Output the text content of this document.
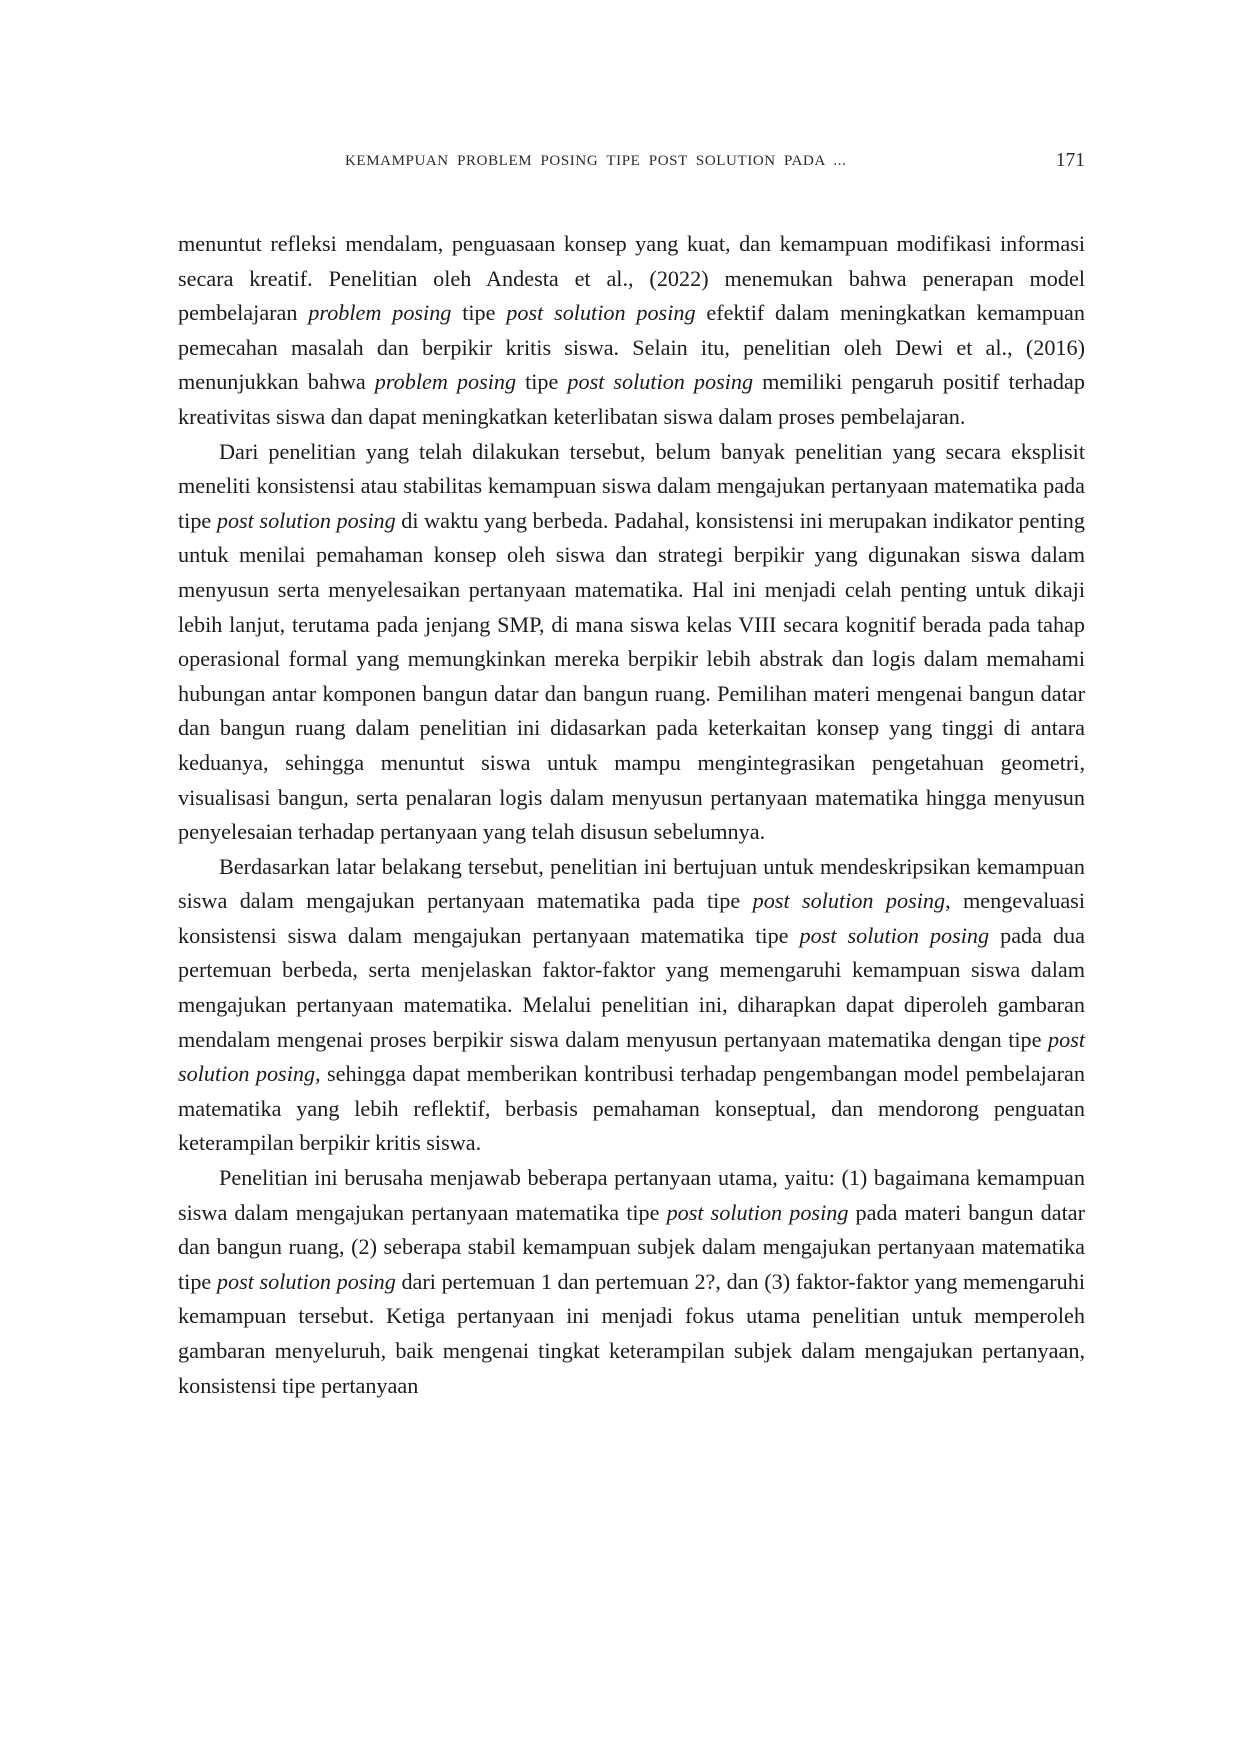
KEMAMPUAN PROBLEM POSING TIPE POST SOLUTION PADA ...	171

menuntut refleksi mendalam, penguasaan konsep yang kuat, dan kemampuan modifikasi informasi secara kreatif. Penelitian oleh Andesta et al., (2022) menemukan bahwa penerapan model pembelajaran problem posing tipe post solution posing efektif dalam meningkatkan kemampuan pemecahan masalah dan berpikir kritis siswa. Selain itu, penelitian oleh Dewi et al., (2016) menunjukkan bahwa problem posing tipe post solution posing memiliki pengaruh positif terhadap kreativitas siswa dan dapat meningkatkan keterlibatan siswa dalam proses pembelajaran.

Dari penelitian yang telah dilakukan tersebut, belum banyak penelitian yang secara eksplisit meneliti konsistensi atau stabilitas kemampuan siswa dalam mengajukan pertanyaan matematika pada tipe post solution posing di waktu yang berbeda. Padahal, konsistensi ini merupakan indikator penting untuk menilai pemahaman konsep oleh siswa dan strategi berpikir yang digunakan siswa dalam menyusun serta menyelesaikan pertanyaan matematika. Hal ini menjadi celah penting untuk dikaji lebih lanjut, terutama pada jenjang SMP, di mana siswa kelas VIII secara kognitif berada pada tahap operasional formal yang memungkinkan mereka berpikir lebih abstrak dan logis dalam memahami hubungan antar komponen bangun datar dan bangun ruang. Pemilihan materi mengenai bangun datar dan bangun ruang dalam penelitian ini didasarkan pada keterkaitan konsep yang tinggi di antara keduanya, sehingga menuntut siswa untuk mampu mengintegrasikan pengetahuan geometri, visualisasi bangun, serta penalaran logis dalam menyusun pertanyaan matematika hingga menyusun penyelesaian terhadap pertanyaan yang telah disusun sebelumnya.

Berdasarkan latar belakang tersebut, penelitian ini bertujuan untuk mendeskripsikan kemampuan siswa dalam mengajukan pertanyaan matematika pada tipe post solution posing, mengevaluasi konsistensi siswa dalam mengajukan pertanyaan matematika tipe post solution posing pada dua pertemuan berbeda, serta menjelaskan faktor-faktor yang memengaruhi kemampuan siswa dalam mengajukan pertanyaan matematika. Melalui penelitian ini, diharapkan dapat diperoleh gambaran mendalam mengenai proses berpikir siswa dalam menyusun pertanyaan matematika dengan tipe post solution posing, sehingga dapat memberikan kontribusi terhadap pengembangan model pembelajaran matematika yang lebih reflektif, berbasis pemahaman konseptual, dan mendorong penguatan keterampilan berpikir kritis siswa.

Penelitian ini berusaha menjawab beberapa pertanyaan utama, yaitu: (1) bagaimana kemampuan siswa dalam mengajukan pertanyaan matematika tipe post solution posing pada materi bangun datar dan bangun ruang, (2) seberapa stabil kemampuan subjek dalam mengajukan pertanyaan matematika tipe post solution posing dari pertemuan 1 dan pertemuan 2?, dan (3) faktor-faktor yang memengaruhi kemampuan tersebut. Ketiga pertanyaan ini menjadi fokus utama penelitian untuk memperoleh gambaran menyeluruh, baik mengenai tingkat keterampilan subjek dalam mengajukan pertanyaan, konsistensi tipe pertanyaan
